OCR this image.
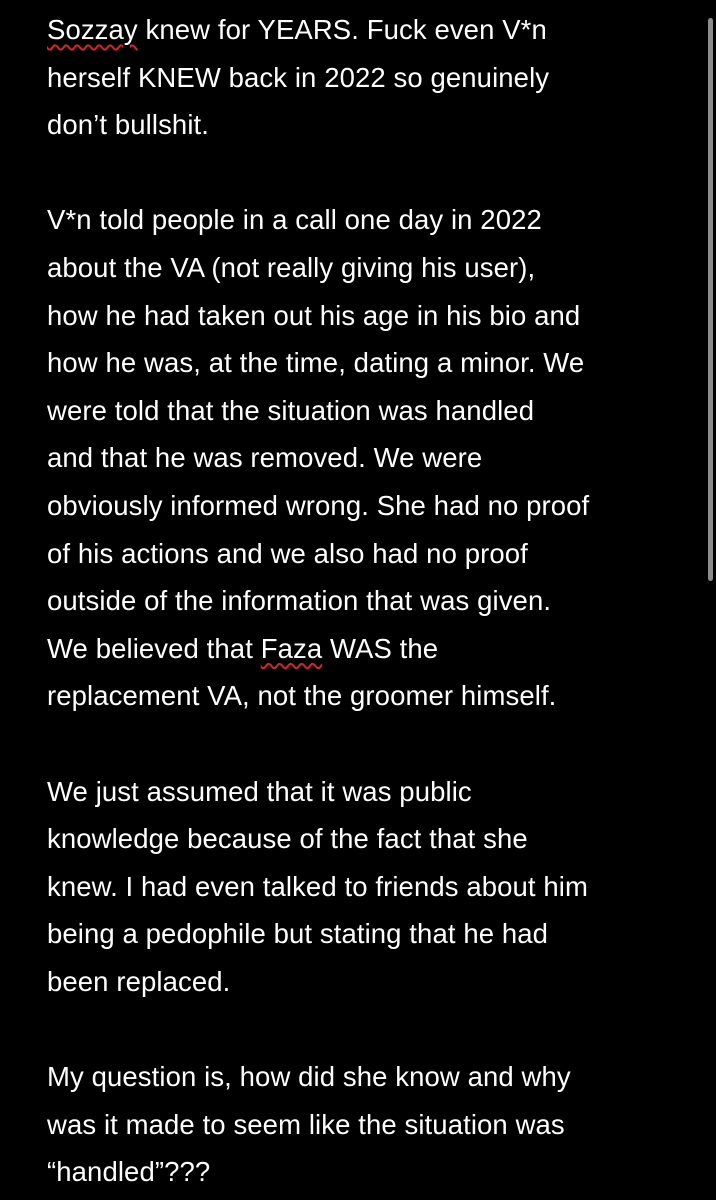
Sozzay knew for YEARS. Fuck even V*n
herself KNEW back in 2022 so genuinely
don’t bullshit.
V*n told people in a call one day in 2022
about the VA (not really giving his user),
how he had taken out his age in his bio and
how he was, at the time, dating a minor. We
were told that the situation was handled
and that he was removed. We were
obviously informed wrong. She had no proof
of his actions and we also had no proof
outside of the information that was given.
We believed that Faza WAS the
replacement VA, not the groomer himself.
We just assumed that it was public
knowledge because of the fact that she
knew. I had even talked to friends about him
being a pedophile but stating that he had
been replaced.
My question is, how did she know and why
was it made to seem like the situation was
“handled”???
